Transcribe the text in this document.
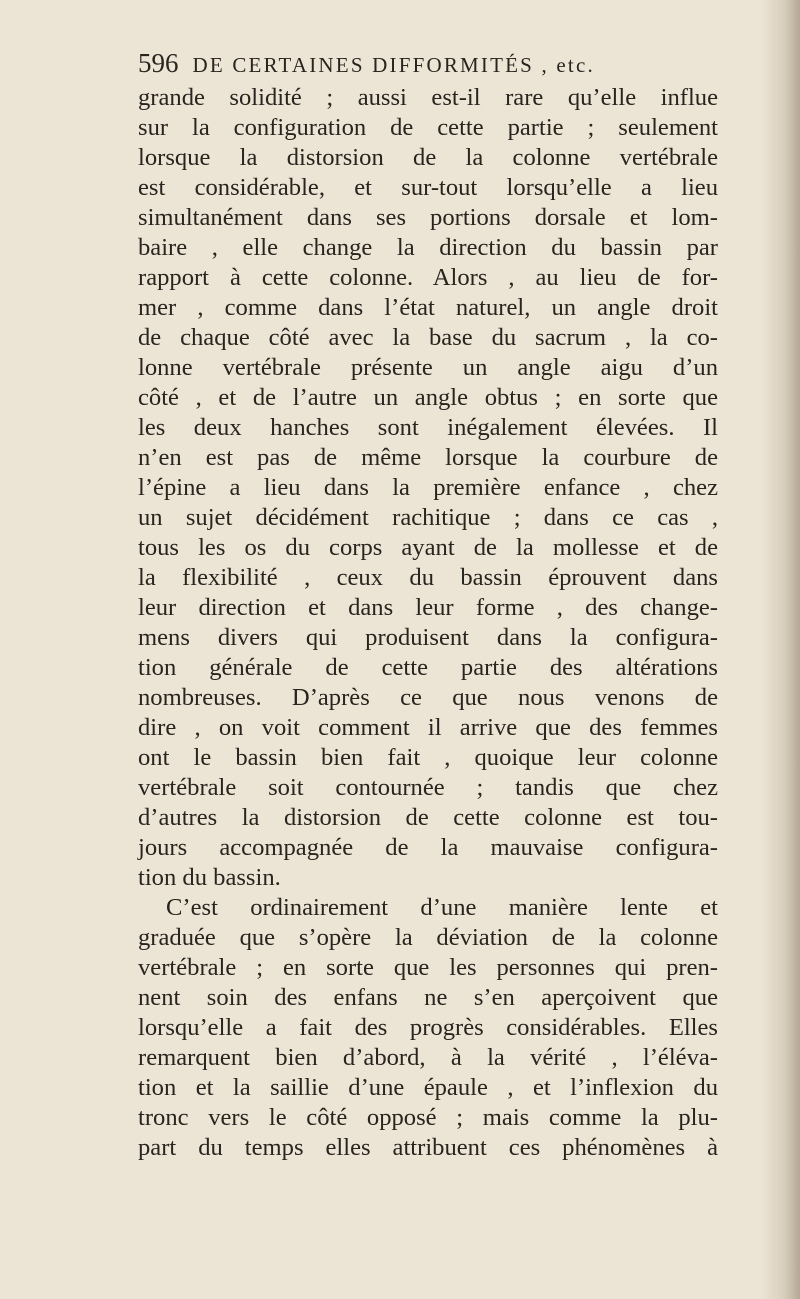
596 DE CERTAINES DIFFORMITÉS , etc.
grande solidité ; aussi est-il rare qu’elle influe
sur la configuration de cette partie ; seulement
lorsque la distorsion de la colonne vertébrale
est considérable, et sur-tout lorsqu’elle a lieu
simultanément dans ses portions dorsale et lom-
baire , elle change la direction du bassin par
rapport à cette colonne. Alors , au lieu de for-
mer , comme dans l’état naturel, un angle droit
de chaque côté avec la base du sacrum , la co-
lonne vertébrale présente un angle aigu d’un
côté , et de l’autre un angle obtus ; en sorte que
les deux hanches sont inégalement élevées. Il
n’en est pas de même lorsque la courbure de
l’épine a lieu dans la première enfance , chez
un sujet décidément rachitique ; dans ce cas ,
tous les os du corps ayant de la mollesse et de
la flexibilité , ceux du bassin éprouvent dans
leur direction et dans leur forme , des change-
mens divers qui produisent dans la configura-
tion générale de cette partie des altérations
nombreuses. D’après ce que nous venons de
dire , on voit comment il arrive que des femmes
ont le bassin bien fait , quoique leur colonne
vertébrale soit contournée ; tandis que chez
d’autres la distorsion de cette colonne est tou-
jours accompagnée de la mauvaise configura-
tion du bassin.
C’est ordinairement d’une manière lente et
graduée que s’opère la déviation de la colonne
vertébrale ; en sorte que les personnes qui pren-
nent soin des enfans ne s’en aperçoivent que
lorsqu’elle a fait des progrès considérables. Elles
remarquent bien d’abord, à la vérité , l’éléva-
tion et la saillie d’une épaule , et l’inflexion du
tronc vers le côté opposé ; mais comme la plu-
part du temps elles attribuent ces phénomènes à
